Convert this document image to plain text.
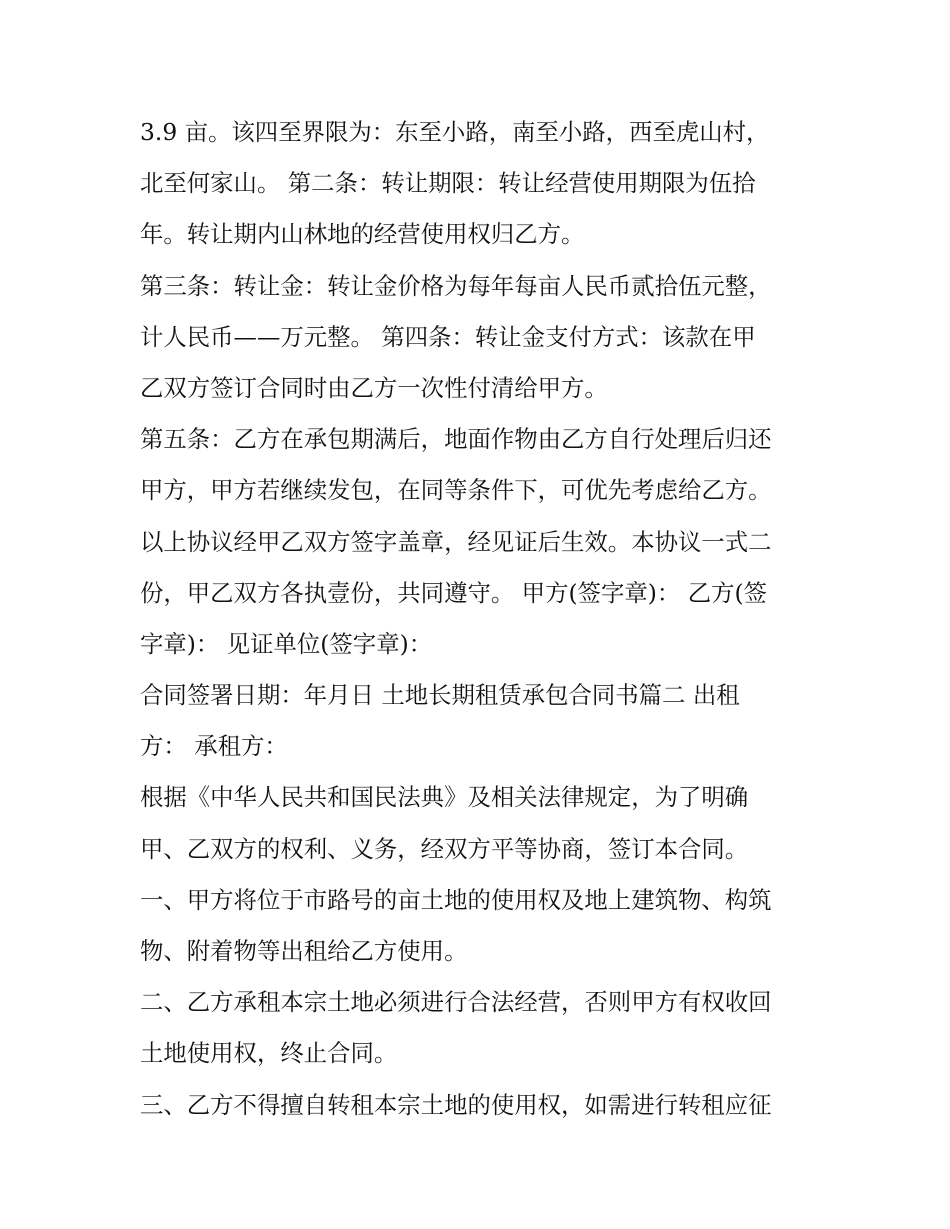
3.9 亩。该四至界限为：东至小路，南至小路，西至虎山村，
北至何家山。 第二条：转让期限：转让经营使用期限为伍拾
年。转让期内山林地的经营使用权归乙方。
第三条：转让金：转让金价格为每年每亩人民币贰拾伍元整，
计人民币——万元整。 第四条：转让金支付方式：该款在甲
乙双方签订合同时由乙方一次性付清给甲方。
第五条：乙方在承包期满后，地面作物由乙方自行处理后归还
甲方，甲方若继续发包，在同等条件下，可优先考虑给乙方。
以上协议经甲乙双方签字盖章，经见证后生效。本协议一式二
份，甲乙双方各执壹份，共同遵守。 甲方(签字章)： 乙方(签
字章)： 见证单位(签字章)：
合同签署日期：年月日 土地长期租赁承包合同书篇二 出租
方： 承租方：
根据《中华人民共和国民法典》及相关法律规定，为了明确
甲、乙双方的权利、义务，经双方平等协商，签订本合同。
一、甲方将位于市路号的亩土地的使用权及地上建筑物、构筑
物、附着物等出租给乙方使用。
二、乙方承租本宗土地必须进行合法经营，否则甲方有权收回
土地使用权，终止合同。
三、乙方不得擅自转租本宗土地的使用权，如需进行转租应征
